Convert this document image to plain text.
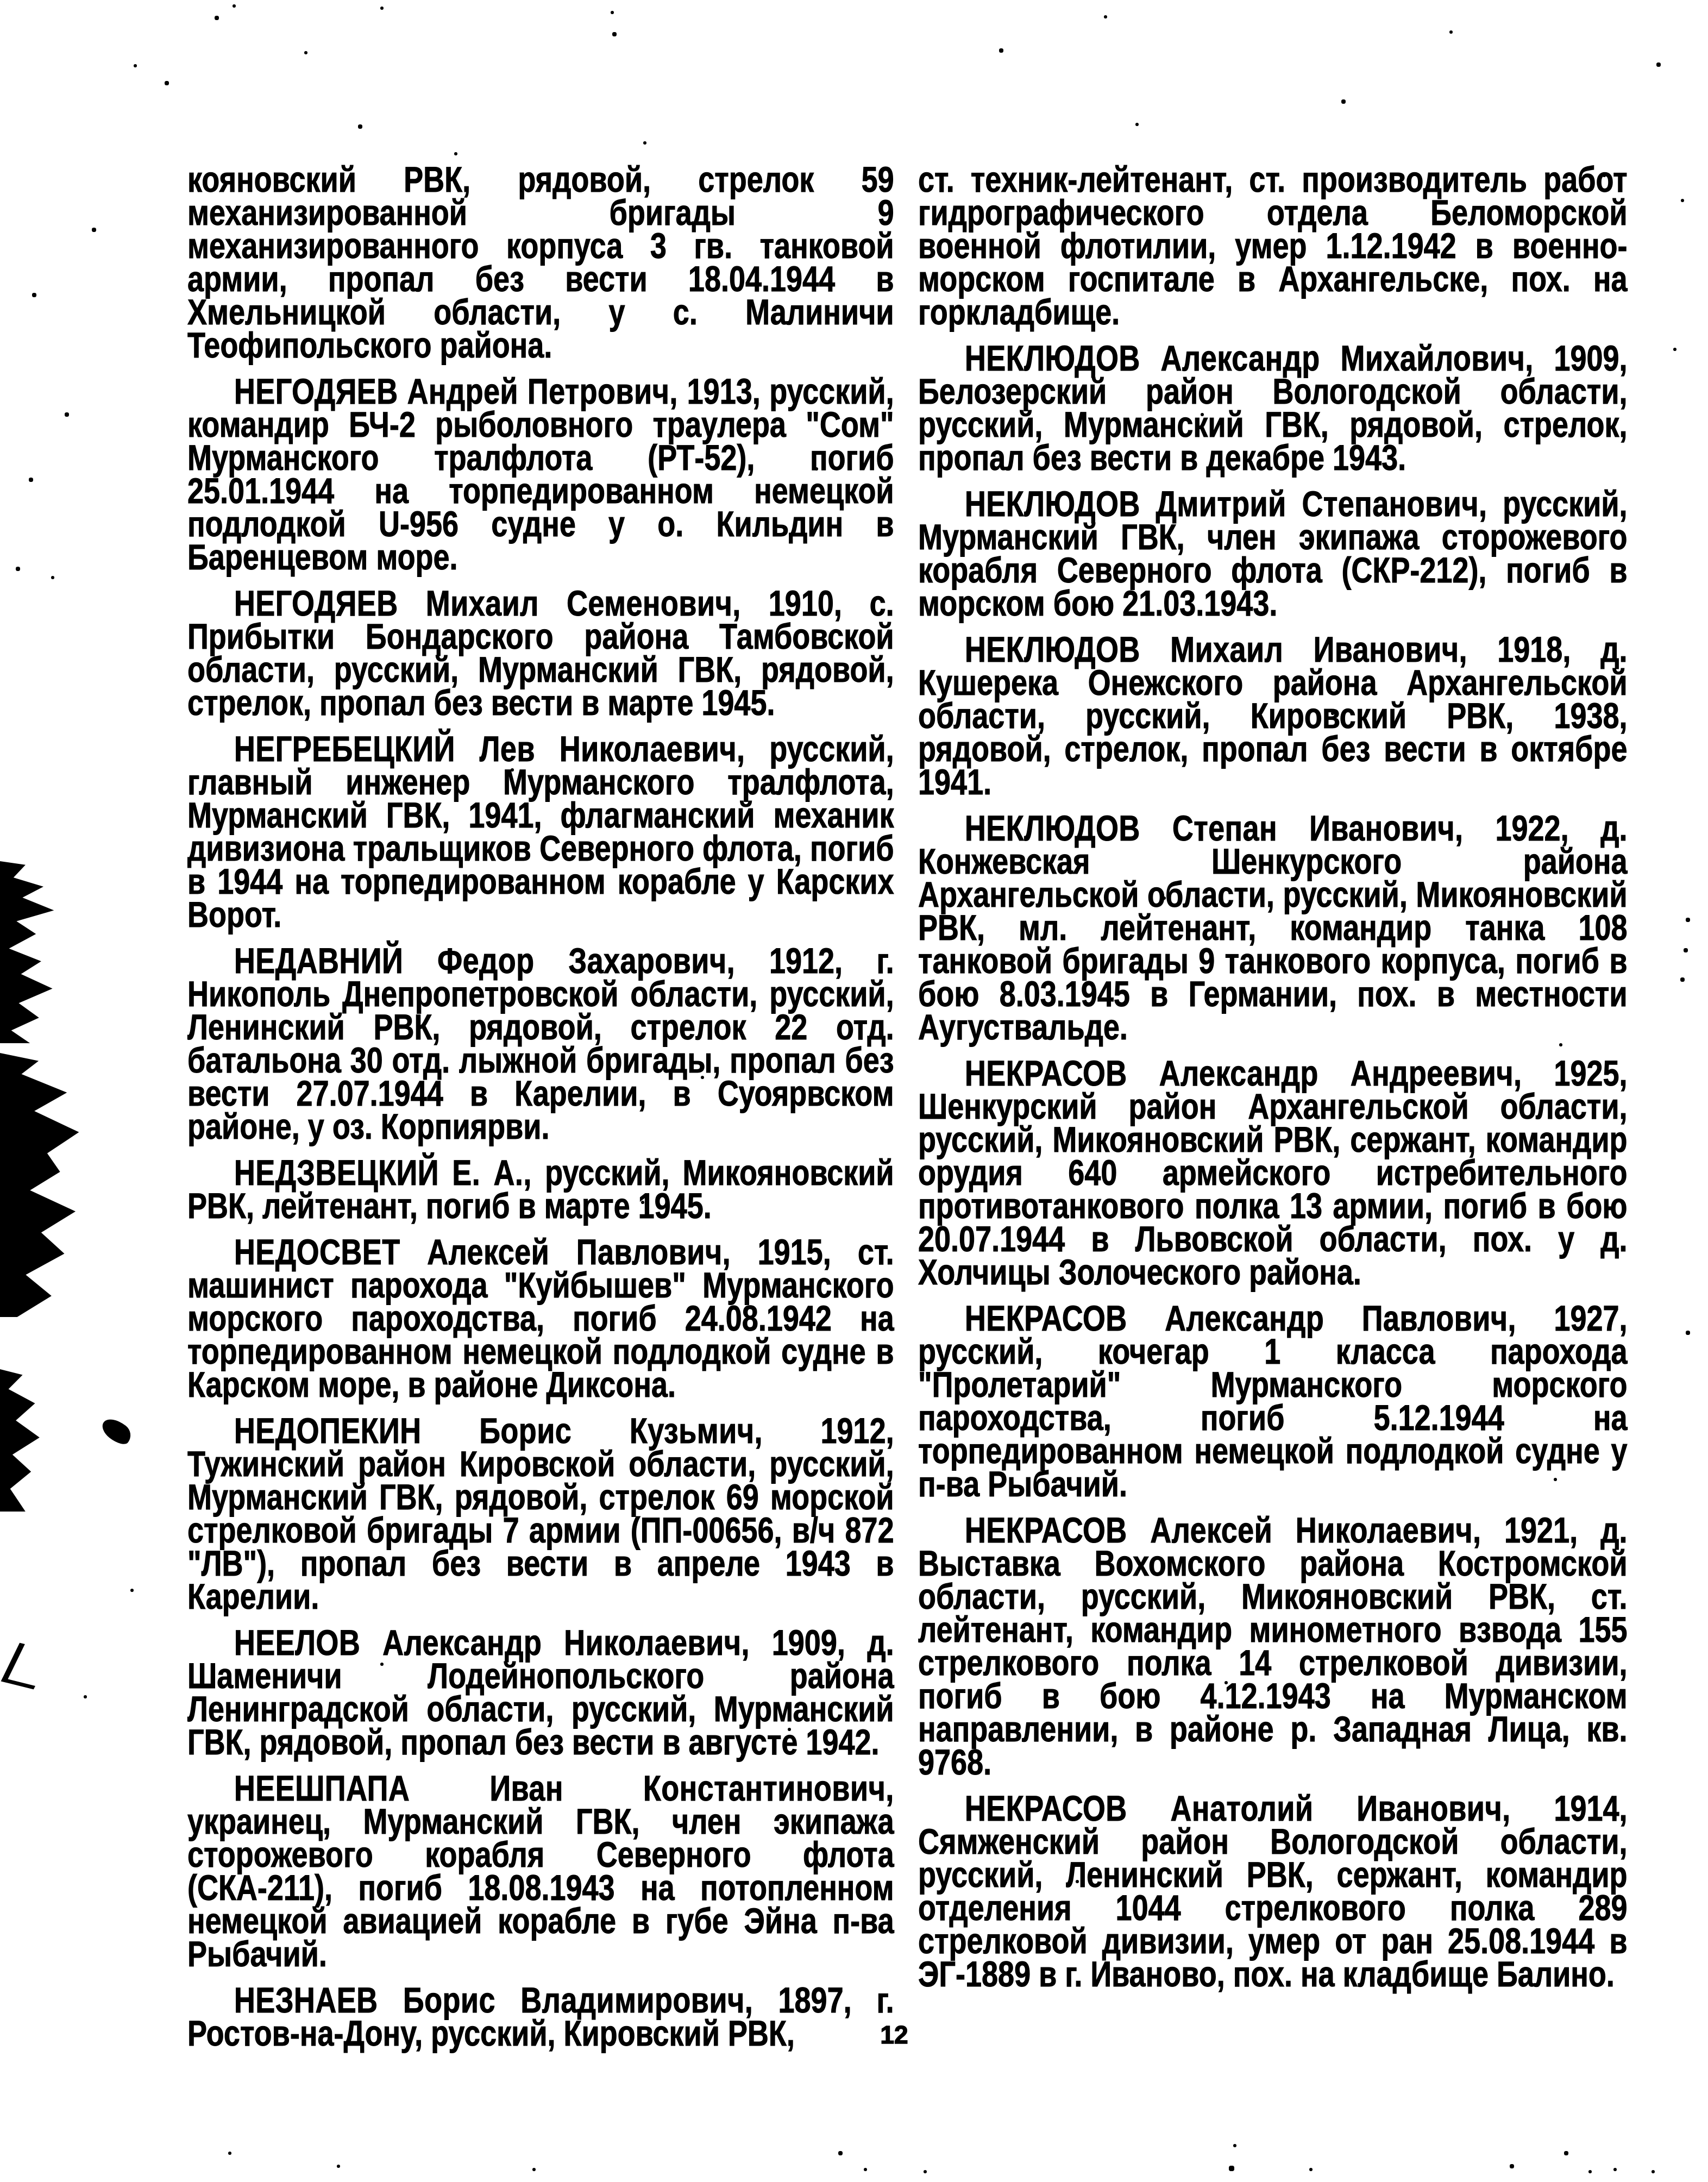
кояновский РВК, рядовой, стрелок 59 механизированной бригады 9 механизированного корпуса 3 гв. танковой армии, пропал без вести 18.04.1944 в Хмельницкой области, у с. Малиничи Теофипольского района.

НЕГОДЯЕВ Андрей Петрович, 1913, русский, командир БЧ-2 рыболовного траулера "Сом" Мурманского тралфлота (РТ-52), погиб 25.01.1944 на торпедированном немецкой подлодкой U-956 судне у о. Кильдин в Баренцевом море.

НЕГОДЯЕВ Михаил Семенович, 1910, с. Прибытки Бондарского района Тамбовской области, русский, Мурманский ГВК, рядовой, стрелок, пропал без вести в марте 1945.

НЕГРЕБЕЦКИЙ Лев Николаевич, русский, главный инженер Мурманского тралфлота, Мурманский ГВК, 1941, флагманский механик дивизиона тральщиков Северного флота, погиб в 1944 на торпедированном корабле у Карских Ворот.

НЕДАВНИЙ Федор Захарович, 1912, г. Никополь Днепропетровской области, русский, Ленинский РВК, рядовой, стрелок 22 отд. батальона 30 отд. лыжной бригады, пропал без вести 27.07.1944 в Карелии, в Суоярвском районе, у оз. Корпиярви.

НЕДЗВЕЦКИЙ Е. А., русский, Микояновский РВК, лейтенант, погиб в марте 1945.

НЕДОСВЕТ Алексей Павлович, 1915, ст. машинист парохода "Куйбышев" Мурманского морского пароходства, погиб 24.08.1942 на торпедированном немецкой подлодкой судне в Карском море, в районе Диксона.

НЕДОПЕКИН Борис Кузьмич, 1912, Тужинский район Кировской области, русский, Мурманский ГВК, рядовой, стрелок 69 морской стрелковой бригады 7 армии (ПП-00656, в/ч 872 "ЛВ"), пропал без вести в апреле 1943 в Карелии.

НЕЕЛОВ Александр Николаевич, 1909, д. Шаменичи Лодейнопольского района Ленинградской области, русский, Мурманский ГВК, рядовой, пропал без вести в августе 1942.

НЕЕШПАПА Иван Константинович, украинец, Мурманский ГВК, член экипажа сторожевого корабля Северного флота (СКА-211), погиб 18.08.1943 на потопленном немецкой авиацией корабле в губе Эйна п-ва Рыбачий.

НЕЗНАЕВ Борис Владимирович, 1897, г. Ростов-на-Дону, русский, Кировский РВК,

ст. техник-лейтенант, ст. производитель работ гидрографического отдела Беломорской военной флотилии, умер 1.12.1942 в военно-морском госпитале в Архангельске, пох. на горкладбище.

НЕКЛЮДОВ Александр Михайлович, 1909, Белозерский район Вологодской области, русский, Мурманский ГВК, рядовой, стрелок, пропал без вести в декабре 1943.

НЕКЛЮДОВ Дмитрий Степанович, русский, Мурманский ГВК, член экипажа сторожевого корабля Северного флота (СКР-212), погиб в морском бою 21.03.1943.

НЕКЛЮДОВ Михаил Иванович, 1918, д. Кушерека Онежского района Архангельской области, русский, Кировский РВК, 1938, рядовой, стрелок, пропал без вести в октябре 1941.

НЕКЛЮДОВ Степан Иванович, 1922, д. Конжевская Шенкурского района Архангельской области, русский, Микояновский РВК, мл. лейтенант, командир танка 108 танковой бригады 9 танкового корпуса, погиб в бою 8.03.1945 в Германии, пох. в местности Аугуствальде.

НЕКРАСОВ Александр Андреевич, 1925, Шенкурский район Архангельской области, русский, Микояновский РВК, сержант, командир орудия 640 армейского истребительного противотанкового полка 13 армии, погиб в бою 20.07.1944 в Львовской области, пох. у д. Холчицы Золоческого района.

НЕКРАСОВ Александр Павлович, 1927, русский, кочегар 1 класса парохода "Пролетарий" Мурманского морского пароходства, погиб 5.12.1944 на торпедированном немецкой подлодкой судне у п-ва Рыбачий.

НЕКРАСОВ Алексей Николаевич, 1921, д. Выставка Вохомского района Костромской области, русский, Микояновский РВК, ст. лейтенант, командир минометного взвода 155 стрелкового полка 14 стрелковой дивизии, погиб в бою 4.12.1943 на Мурманском направлении, в районе р. Западная Лица, кв. 9768.

НЕКРАСОВ Анатолий Иванович, 1914, Сямженский район Вологодской области, русский, Ленинский РВК, сержант, командир отделения 1044 стрелкового полка 289 стрелковой дивизии, умер от ран 25.08.1944 в ЭГ-1889 в г. Иваново, пох. на кладбище Балино.

12
